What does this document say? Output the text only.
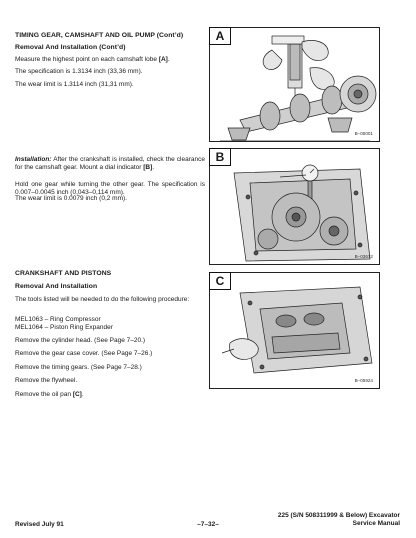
TIMING GEAR, CAMSHAFT AND OIL PUMP (Cont’d)
Removal And Installation (Cont’d)
Measure the highest point on each camshaft lobe [A].
The specification is 1.3134 inch (33,36 mm).
The wear limit is 1.3114 inch (31,31 mm).
Installation: After the crankshaft is installed, check the clearance for the camshaft gear. Mount a dial indicator [B].
Hold one gear while turning the other gear. The specification is 0.007–0.0045 inch (0,043–0,114 mm).
The wear limit is 0.0079 inch (0,2 mm).
CRANKSHAFT AND PISTONS
Removal And Installation
The tools listed will be needed to do the following procedure:
MEL1063 – Ring Compressor
MEL1064 – Piston Ring Expander
Remove the cylinder head. (See Page 7–20.)
Remove the gear case cover. (See Page 7–26.)
Remove the timing gears. (See Page 7–28.)
Remove the flywheel.
Remove the oil pan [C].
A
B–05001
B
B–03672
C
B–05924
Revised July 91	–7–32–
225 (S/N 508311999 & Below) Excavator
Service Manual
